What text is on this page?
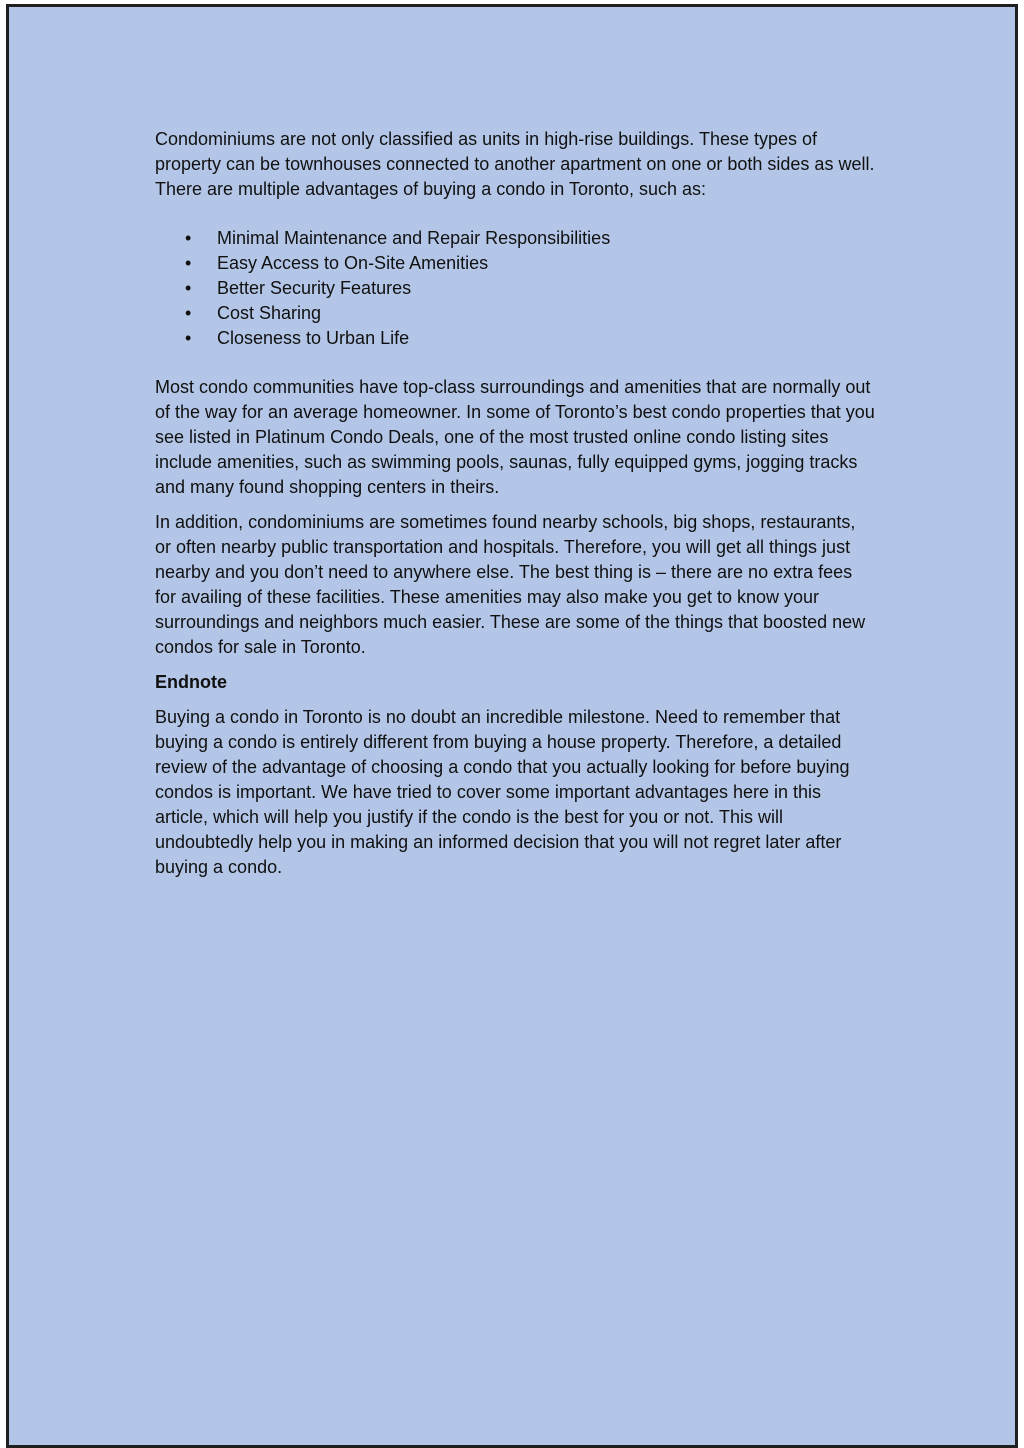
Condominiums are not only classified as units in high-rise buildings. These types of property can be townhouses connected to another apartment on one or both sides as well. There are multiple advantages of buying a condo in Toronto, such as:

• Minimal Maintenance and Repair Responsibilities
• Easy Access to On-Site Amenities
• Better Security Features
• Cost Sharing
• Closeness to Urban Life

Most condo communities have top-class surroundings and amenities that are normally out of the way for an average homeowner. In some of Toronto’s best condo properties that you see listed in Platinum Condo Deals, one of the most trusted online condo listing sites include amenities, such as swimming pools, saunas, fully equipped gyms, jogging tracks and many found shopping centers in theirs.

In addition, condominiums are sometimes found nearby schools, big shops, restaurants, or often nearby public transportation and hospitals. Therefore, you will get all things just nearby and you don’t need to anywhere else. The best thing is – there are no extra fees for availing of these facilities. These amenities may also make you get to know your surroundings and neighbors much easier. These are some of the things that boosted new condos for sale in Toronto.

Endnote

Buying a condo in Toronto is no doubt an incredible milestone. Need to remember that buying a condo is entirely different from buying a house property. Therefore, a detailed review of the advantage of choosing a condo that you actually looking for before buying condos is important. We have tried to cover some important advantages here in this article, which will help you justify if the condo is the best for you or not. This will undoubtedly help you in making an informed decision that you will not regret later after buying a condo.
